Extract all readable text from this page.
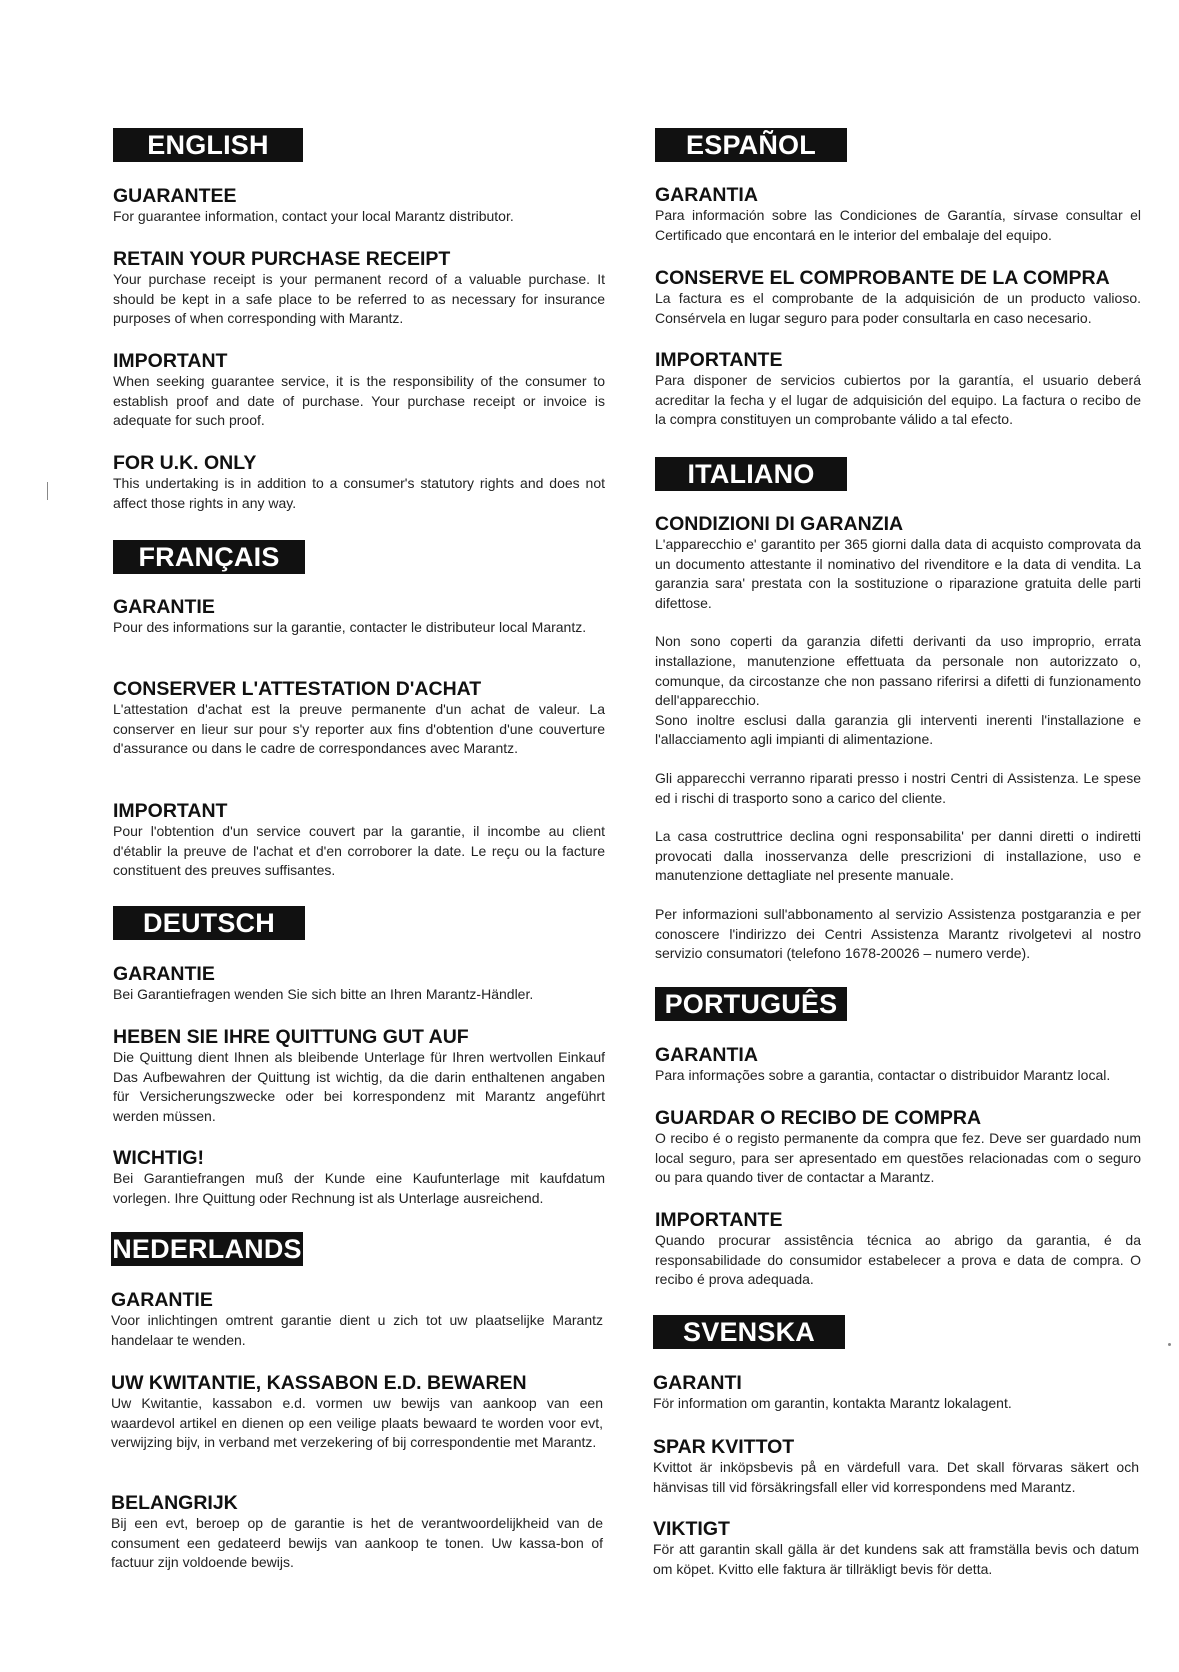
ENGLISH
GUARANTEE

For guarantee information, contact your local Marantz distributor.

RETAIN YOUR PURCHASE RECEIPT

Your purchase receipt is your permanent record of a valuable purchase. It should be kept in a safe place to be referred to as necessary for insurance purposes of when corresponding with Marantz.

IMPORTANT

When seeking guarantee service, it is the responsibility of the consumer to establish proof and date of purchase. Your purchase receipt or invoice is adequate for such proof.

FOR U.K. ONLY

This undertaking is in addition to a consumer's statutory rights and does not affect those rights in any way.

FRANÇAIS
GARANTIE

Pour des informations sur la garantie, contacter le distributeur local Marantz.

CONSERVER L'ATTESTATION D'ACHAT

L'attestation d'achat est la preuve permanente d'un achat de valeur. La conserver en lieur sur pour s'y reporter aux fins d'obtention d'une couverture d'assurance ou dans le cadre de correspondances avec Marantz.

IMPORTANT

Pour l'obtention d'un service couvert par la garantie, il incombe au client d'établir la preuve de l'achat et d'en corroborer la date. Le reçu ou la facture constituent des preuves suffisantes.

DEUTSCH
GARANTIE

Bei Garantiefragen wenden Sie sich bitte an Ihren Marantz-Händler.

HEBEN SIE IHRE QUITTUNG GUT AUF

Die Quittung dient Ihnen als bleibende Unterlage für Ihren wertvollen Einkauf Das Aufbewahren der Quittung ist wichtig, da die darin enthaltenen angaben für Versicherungszwecke oder bei korrespondenz mit Marantz angeführt werden müssen.

WICHTIG!

Bei Garantiefrangen muß der Kunde eine Kaufunterlage mit kaufdatum vorlegen. Ihre Quittung oder Rechnung ist als Unterlage ausreichend.

NEDERLANDS
GARANTIE

Voor inlichtingen omtrent garantie dient u zich tot uw plaatselijke Marantz handelaar te wenden.

UW KWITANTIE, KASSABON E.D. BEWAREN

Uw Kwitantie, kassabon e.d. vormen uw bewijs van aankoop van een waardevol artikel en dienen op een veilige plaats bewaard te worden voor evt, verwijzing bijv, in verband met verzekering of bij correspondentie met Marantz.

BELANGRIJK

Bij een evt, beroep op de garantie is het de verantwoordelijkheid van de consument een gedateerd bewijs van aankoop te tonen. Uw kassa-bon of factuur zijn voldoende bewijs.

ESPAÑOL
GARANTIA

Para información sobre las Condiciones de Garantía, sírvase consultar el Certificado que encontará en le interior del embalaje del equipo.

CONSERVE EL COMPROBANTE DE LA COMPRA

La factura es el comprobante de la adquisición de un producto valioso. Consérvela en lugar seguro para poder consultarla en caso necesario.

IMPORTANTE

Para disponer de servicios cubiertos por la garantía, el usuario deberá acreditar la fecha y el lugar de adquisición del equipo. La factura o recibo de la compra constituyen un comprobante válido a tal efecto.

ITALIANO
CONDIZIONI DI GARANZIA

L'apparecchio e' garantito per 365 giorni dalla data di acquisto comprovata da un documento attestante il nominativo del rivenditore e la data di vendita. La garanzia sara' prestata con la sostituzione o riparazione gratuita delle parti difettose.

Non sono coperti da garanzia difetti derivanti da uso improprio, errata installazione, manutenzione effettuata da personale non autorizzato o, comunque, da circostanze che non passano riferirsi a difetti di funzionamento dell'apparecchio.

Sono inoltre esclusi dalla garanzia gli interventi inerenti l'installazione e l'allacciamento agli impianti di alimentazione.

Gli apparecchi verranno riparati presso i nostri Centri di Assistenza. Le spese ed i rischi di trasporto sono a carico del cliente.

La casa costruttrice declina ogni responsabilita' per danni diretti o indiretti provocati dalla inosservanza delle prescrizioni di installazione, uso e manutenzione dettagliate nel presente manuale.

Per informazioni sull'abbonamento al servizio Assistenza postgaranzia e per conoscere l'indirizzo dei Centri Assistenza Marantz rivolgetevi al nostro servizio consumatori (telefono 1678-20026 – numero verde).

PORTUGUÊS
GARANTIA

Para informações sobre a garantia, contactar o distribuidor Marantz local.

GUARDAR O RECIBO DE COMPRA

O recibo é o registo permanente da compra que fez. Deve ser guardado num local seguro, para ser apresentado em questões relacionadas com o seguro ou para quando tiver de contactar a Marantz.

IMPORTANTE

Quando procurar assistência técnica ao abrigo da garantia, é da responsabilidade do consumidor estabelecer a prova e data de compra. O recibo é prova adequada.

SVENSKA
GARANTI

För information om garantin, kontakta Marantz lokalagent.

SPAR KVITTOT

Kvittot är inköpsbevis på en värdefull vara. Det skall förvaras säkert och hänvisas till vid försäkringsfall eller vid korrespondens med Marantz.

VIKTIGT

För att garantin skall gälla är det kundens sak att framställa bevis och datum om köpet. Kvitto elle faktura är tillräkligt bevis för detta.
